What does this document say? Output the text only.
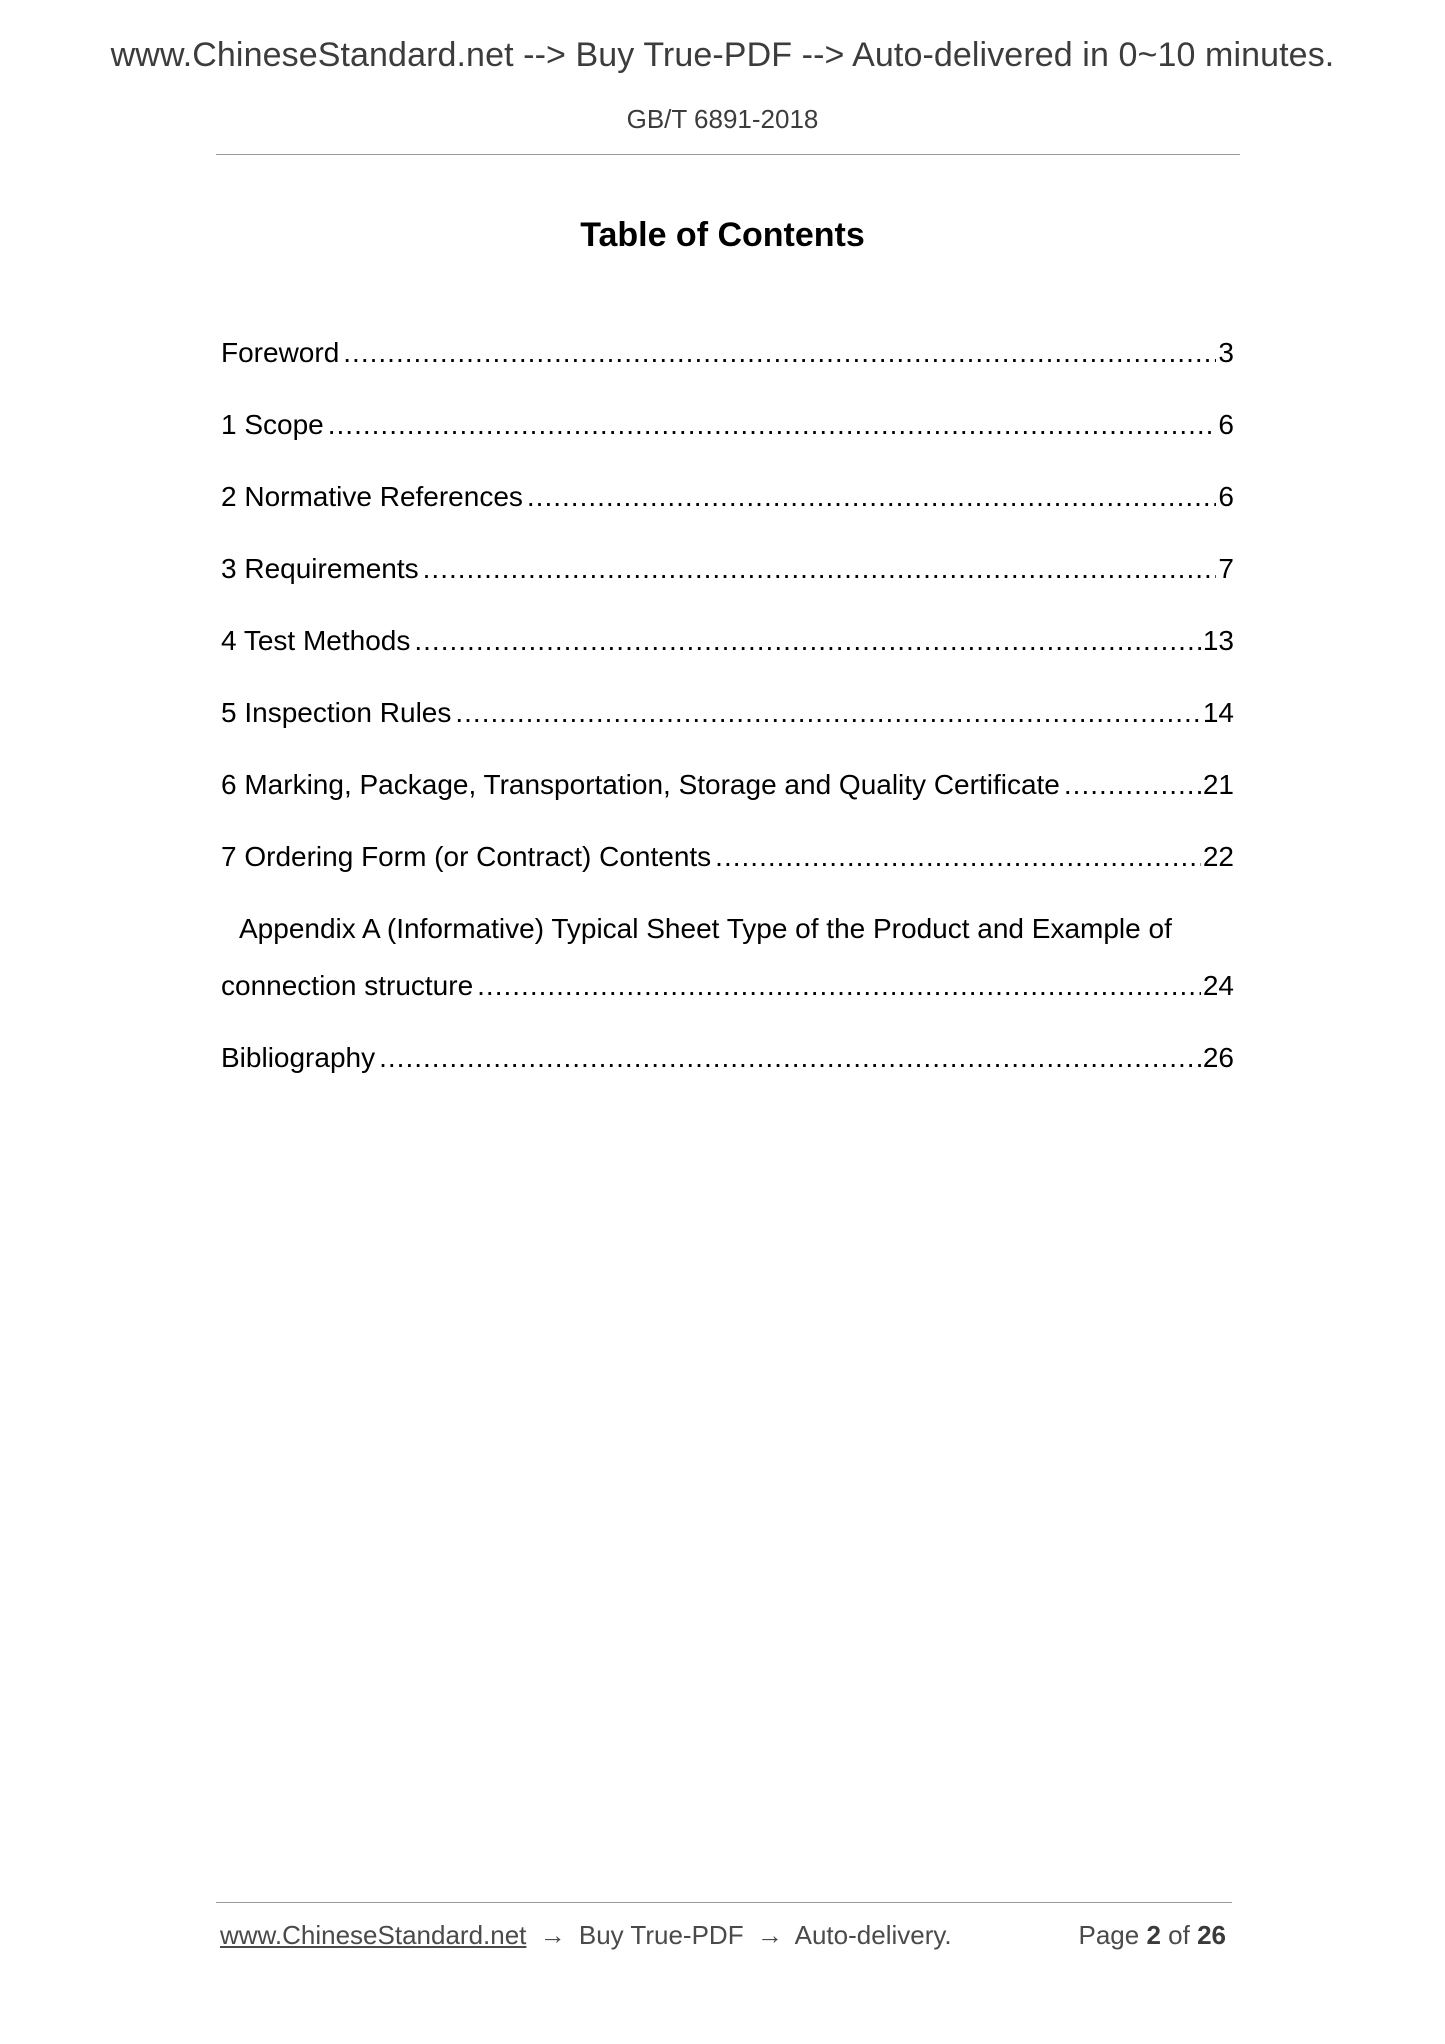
www.ChineseStandard.net --> Buy True-PDF --> Auto-delivered in 0~10 minutes.
GB/T 6891-2018
Table of Contents
Foreword .....	3
1 Scope .....	6
2 Normative References .....	6
3 Requirements .....	7
4 Test Methods .....	13
5 Inspection Rules .....	14
6 Marking, Package, Transportation, Storage and Quality Certificate .....	21
7 Ordering Form (or Contract) Contents .....	22
Appendix A (Informative) Typical Sheet Type of the Product and Example of
connection structure .....	24
Bibliography .....	26
www.ChineseStandard.net → Buy True-PDF → Auto-delivery.	Page 2 of 26
